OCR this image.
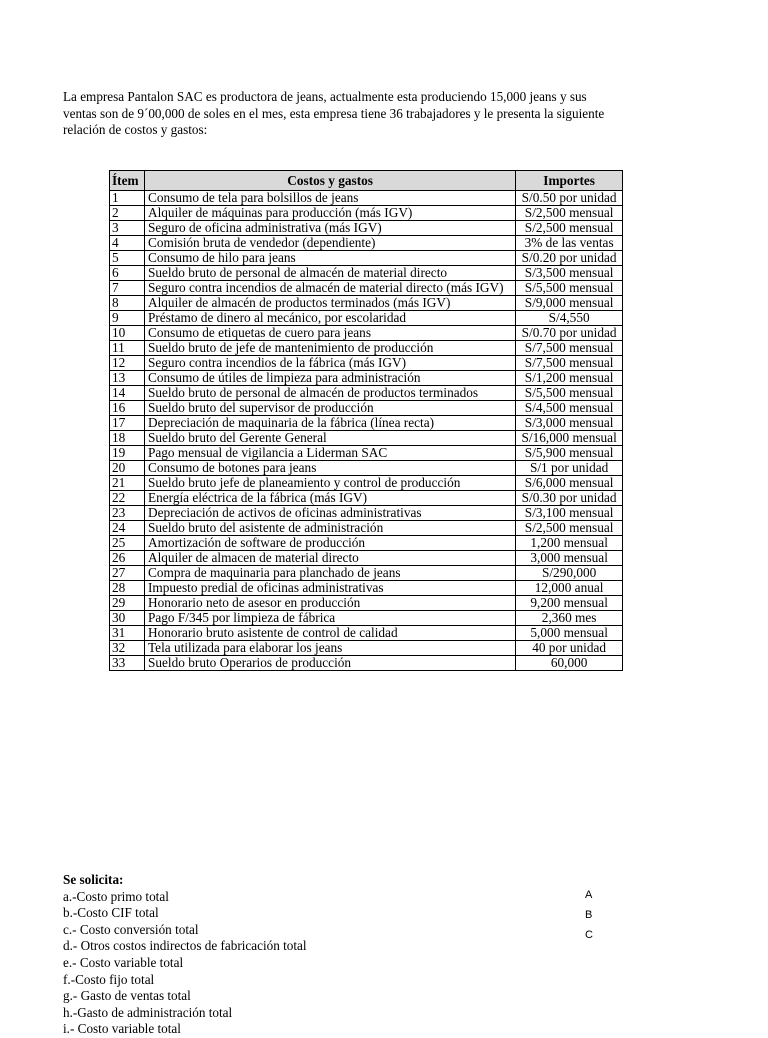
La empresa Pantalon SAC es productora de jeans, actualmente esta produciendo 15,000 jeans y sus ventas son de 9´00,000 de soles en el mes, esta empresa tiene 36 trabajadores y le presenta la siguiente relación de costos y gastos:
Ítem	Costos y gastos	Importes
1	Consumo de tela para bolsillos de jeans	S/0.50 por unidad
2	Alquiler de máquinas para producción (más IGV)	S/2,500 mensual
3	Seguro de oficina administrativa (más IGV)	S/2,500 mensual
4	Comisión bruta de vendedor (dependiente)	3% de las ventas
5	Consumo de hilo para jeans	S/0.20 por unidad
6	Sueldo bruto de personal de almacén de material directo	S/3,500 mensual
7	Seguro contra incendios de almacén de material directo (más IGV)	S/5,500 mensual
8	Alquiler de almacén de productos terminados (más IGV)	S/9,000 mensual
9	Préstamo de dinero al mecánico, por escolaridad	S/4,550
10	Consumo de etiquetas de cuero para jeans	S/0.70 por unidad
11	Sueldo bruto de jefe de mantenimiento de producción	S/7,500 mensual
12	Seguro contra incendios de la fábrica (más IGV)	S/7,500 mensual
13	Consumo de útiles de limpieza para administración	S/1,200 mensual
14	Sueldo bruto de personal de almacén de productos terminados	S/5,500 mensual
16	Sueldo bruto del supervisor de producción	S/4,500 mensual
17	Depreciación de maquinaria de la fábrica (línea recta)	S/3,000 mensual
18	Sueldo bruto del Gerente General	S/16,000 mensual
19	Pago mensual de vigilancia a Liderman SAC	S/5,900 mensual
20	Consumo de botones para jeans	S/1 por unidad
21	Sueldo bruto jefe de planeamiento y control de producción	S/6,000 mensual
22	Energía eléctrica de la fábrica (más IGV)	S/0.30 por unidad
23	Depreciación de activos de oficinas administrativas	S/3,100 mensual
24	Sueldo bruto del asistente de administración	S/2,500 mensual
25	Amortización de software de producción	1,200 mensual
26	Alquiler de almacen de material directo	3,000 mensual
27	Compra de maquinaria para planchado de jeans	S/290,000
28	Impuesto predial de oficinas administrativas	12,000 anual
29	Honorario neto de asesor en producción	9,200 mensual
30	Pago F/345 por limpieza de fábrica	2,360 mes
31	Honorario bruto asistente de control de calidad	5,000 mensual
32	Tela utilizada para elaborar los jeans	40 por unidad
33	Sueldo bruto Operarios de producción	60,000
Se solicita:
a.-Costo primo total
b.-Costo CIF total
c.- Costo conversión total
d.- Otros costos indirectos de fabricación total
e.- Costo variable total
f.-Costo fijo total
g.- Gasto de ventas total
h.-Gasto de administración total
i.- Costo variable total
A
B
C
